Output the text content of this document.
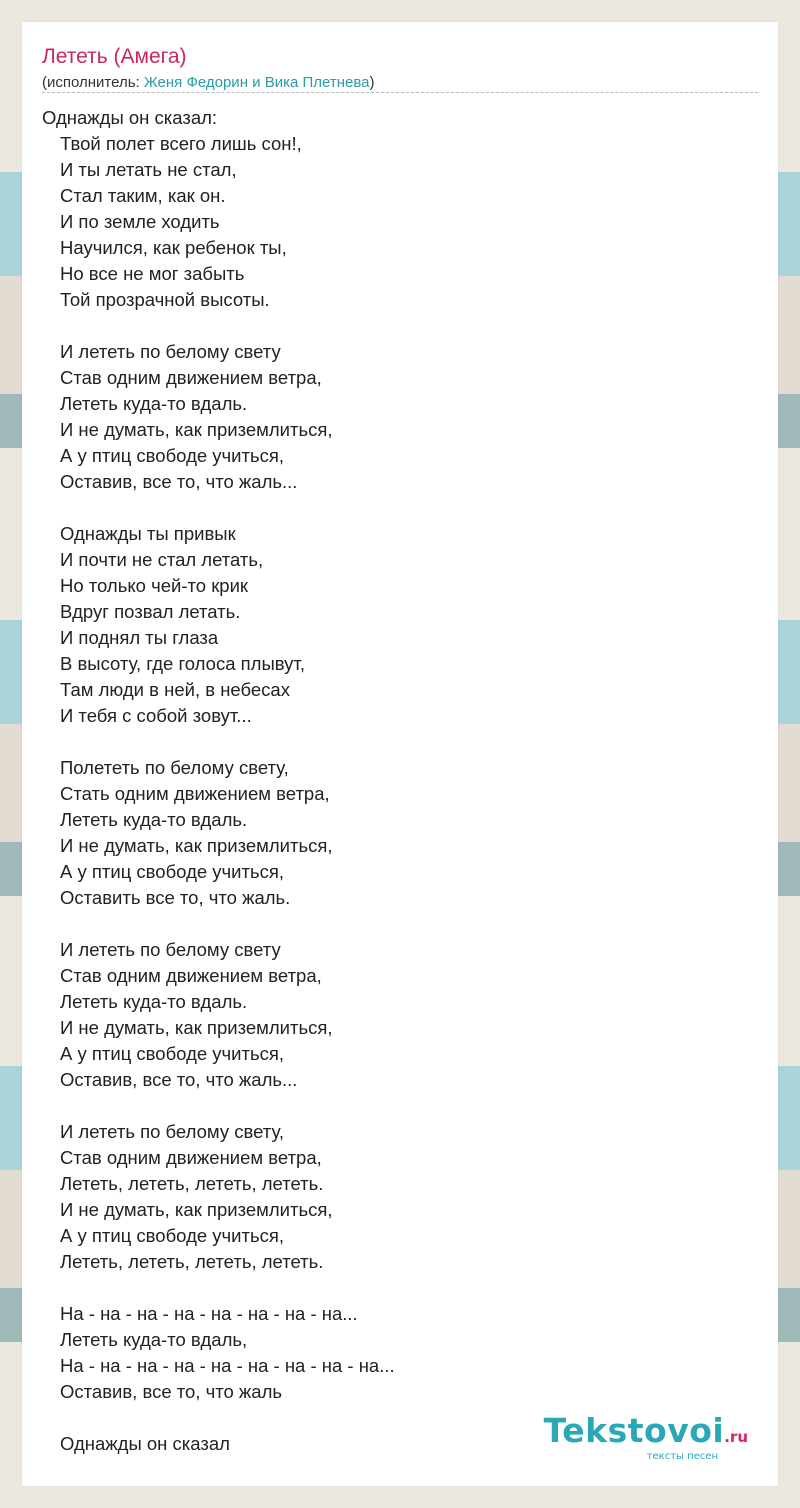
Лететь (Амега)
(исполнитель: Женя Федорин и Вика Плетнева)
Однажды он сказал:
Твой полет всего лишь сон!,
И ты летать не стал,
Стал таким, как он.
И по земле ходить
Научился, как ребенок ты,
Но все не мог забыть
Той прозрачной высоты.
И лететь по белому свету
Став одним движением ветра,
Лететь куда-то вдаль.
И не думать, как приземлиться,
А у птиц свободе учиться,
Оставив, все то, что жаль...
Однажды ты привык
И почти не стал летать,
Но только чей-то крик
Вдруг позвал летать.
И поднял ты глаза
В высоту, где голоса плывут,
Там люди в ней, в небесах
И тебя с собой зовут...
Полететь по белому свету,
Стать одним движением ветра,
Лететь куда-то вдаль.
И не думать, как приземлиться,
А у птиц свободе учиться,
Оставить все то, что жаль.
И лететь по белому свету
Став одним движением ветра,
Лететь куда-то вдаль.
И не думать, как приземлиться,
А у птиц свободе учиться,
Оставив, все то, что жаль...
И лететь по белому свету,
Став одним движением ветра,
Лететь, лететь, лететь, лететь.
И не думать, как приземлиться,
А у птиц свободе учиться,
Лететь, лететь, лететь, лететь.
На - на - на - на - на - на - на - на...
Лететь куда-то вдаль,
На - на - на - на - на - на - на - на - на...
Оставив, все то, что жаль
Однажды он сказал	Tekstovoi.ru
тексты песен
